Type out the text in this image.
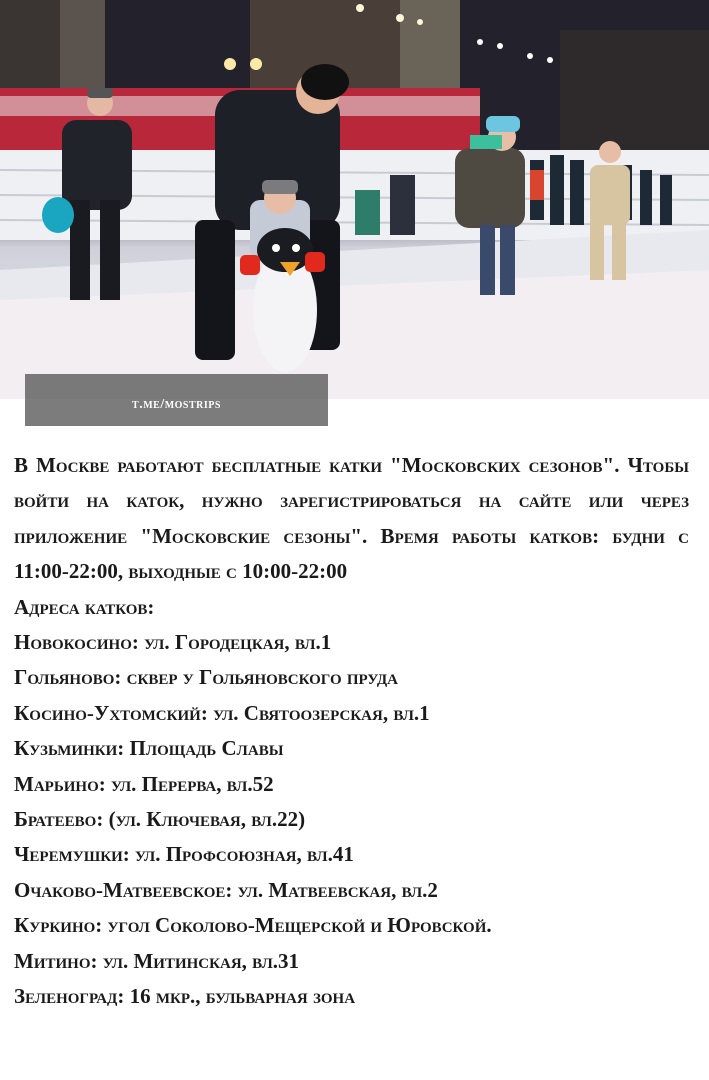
t.me/mostrips

В Москве работают бесплатные катки "Московских сезонов". Чтобы войти на каток, нужно зарегистрироваться на сайте или через приложение "Московские сезоны". Время работы катков: будни с 11:00-22:00, выходные с 10:00-22:00

Адреса катков:

Новокосино: ул. Городецкая, вл.1

Гольяново: сквер у Гольяновского пруда

Косино-Ухтомский: ул. Святоозерская, вл.1

Кузьминки: Площадь Славы

Марьино: ул. Перерва, вл.52

Братеево: (ул. Ключевая, вл.22)

Черемушки: ул. Профсоюзная, вл.41

Очаково-Матвеевское: ул. Матвеевская, вл.2

Куркино: угол Соколово-Мещерской и Юровской.

Митино: ул. Митинская, вл.31

Зеленоград: 16 мкр., бульварная зона
